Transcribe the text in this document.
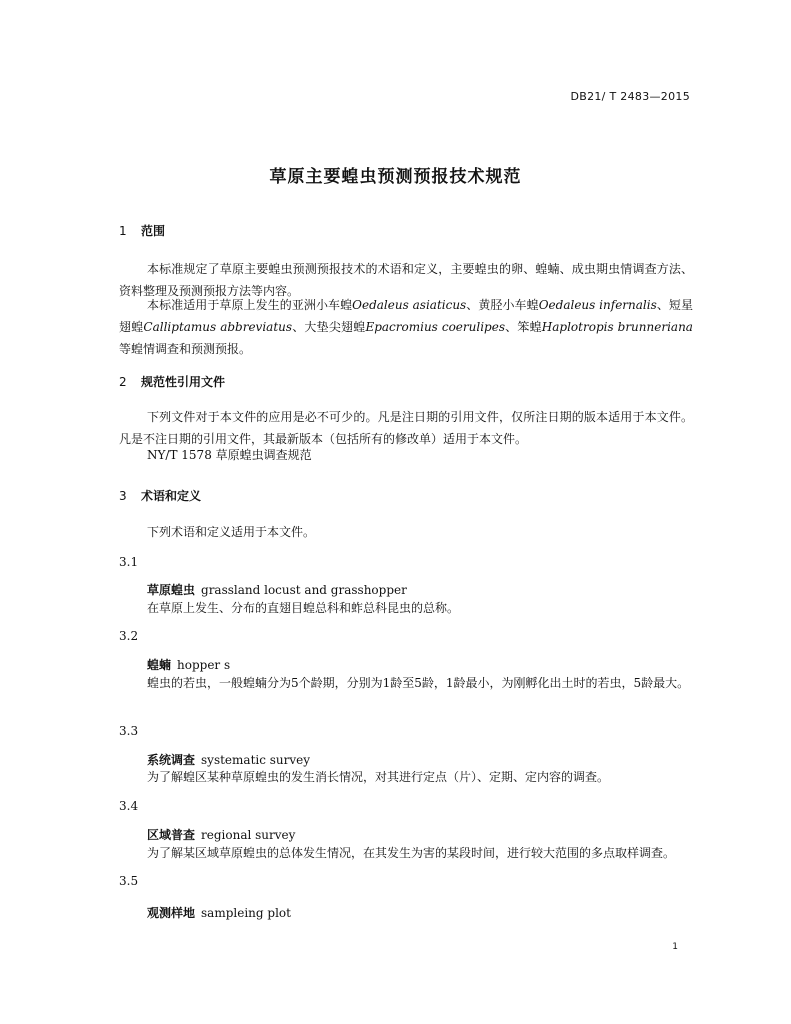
DB21/ T 2483—2015
草原主要蝗虫预测预报技术规范
1 范围
本标准规定了草原主要蝗虫预测预报技术的术语和定义，主要蝗虫的卵、蝗蝻、成虫期虫情调查方法、资料整理及预测预报方法等内容。
本标准适用于草原上发生的亚洲小车蝗Oedaleus asiaticus、黄胫小车蝗Oedaleus infernalis、短星翅蝗Calliptamus abbreviatus、大垫尖翅蝗Epacromius coerulipes、笨蝗Haplotropis brunneriana等蝗情调查和预测预报。
2 规范性引用文件
下列文件对于本文件的应用是必不可少的。凡是注日期的引用文件，仅所注日期的版本适用于本文件。凡是不注日期的引用文件，其最新版本（包括所有的修改单）适用于本文件。
NY/T 1578 草原蝗虫调查规范
3 术语和定义
下列术语和定义适用于本文件。
3.1
草原蝗虫 grassland locust and grasshopper
在草原上发生、分布的直翅目蝗总科和蚱总科昆虫的总称。
3.2
蝗蝻 hopper s
蝗虫的若虫，一般蝗蝻分为5个龄期，分别为1龄至5龄，1龄最小，为刚孵化出土时的若虫，5龄最大。
3.3
系统调查 systematic survey
为了解蝗区某种草原蝗虫的发生消长情况，对其进行定点（片）、定期、定内容的调查。
3.4
区域普查 regional survey
为了解某区域草原蝗虫的总体发生情况，在其发生为害的某段时间，进行较大范围的多点取样调查。
3.5
观测样地 sampleing plot
1
